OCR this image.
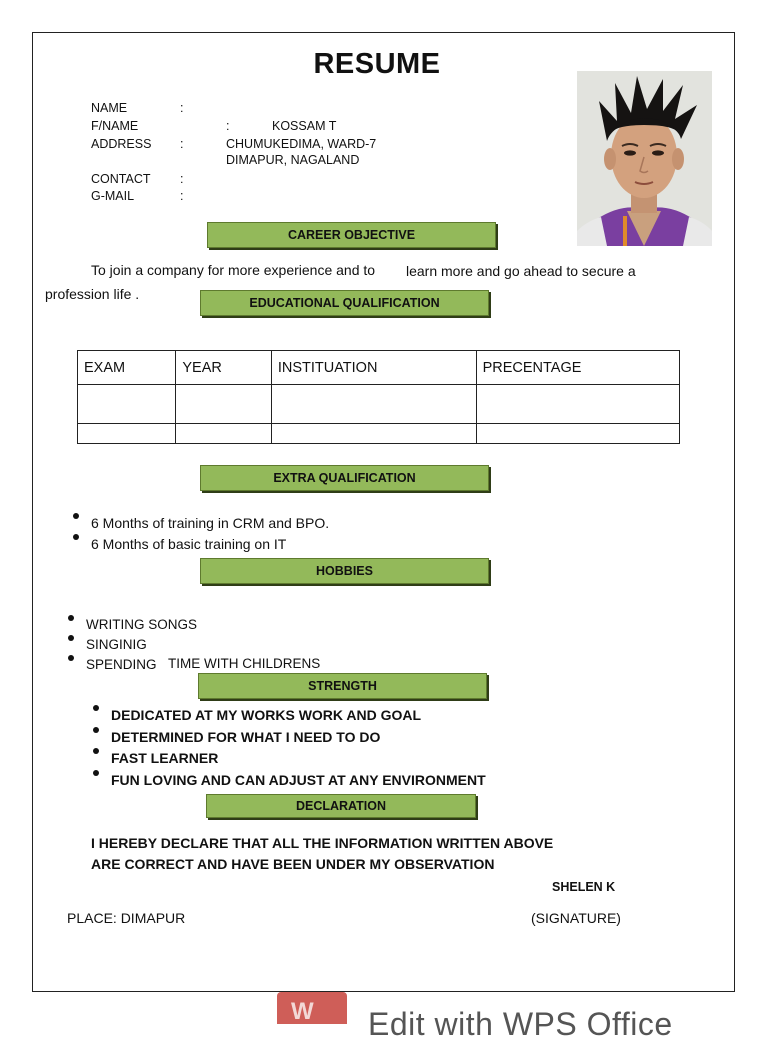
RESUME
NAME	:
F/NAME	:	KOSSAM T
ADDRESS :	CHUMUKEDIMA, WARD-7
DIMAPUR, NAGALAND
CONTACT :
G-MAIL	:
CAREER OBJECTIVE
To join a company for more experience and to learn more and go ahead to secure a
profession life .
EDUCATIONAL QUALIFICATION
EXAM	YEAR	INSTITUATION	PRECENTAGE

EXTRA QUALIFICATION
6 Months of training in CRM and BPO.
6 Months of basic training on IT
HOBBIES
WRITING SONGS
SINGINIG
SPENDING TIME WITH CHILDRENS
STRENGTH
DEDICATED AT MY WORKS WORK AND GOAL
DETERMINED FOR WHAT I NEED TO DO
FAST LEARNER
FUN LOVING AND CAN ADJUST AT ANY ENVIRONMENT
DECLARATION
I HEREBY DECLARE THAT ALL THE INFORMATION WRITTEN ABOVE
ARE CORRECT AND HAVE BEEN UNDER MY OBSERVATION
SHELEN K
PLACE: DIMAPUR	(SIGNATURE)
W Edit with WPS Office
